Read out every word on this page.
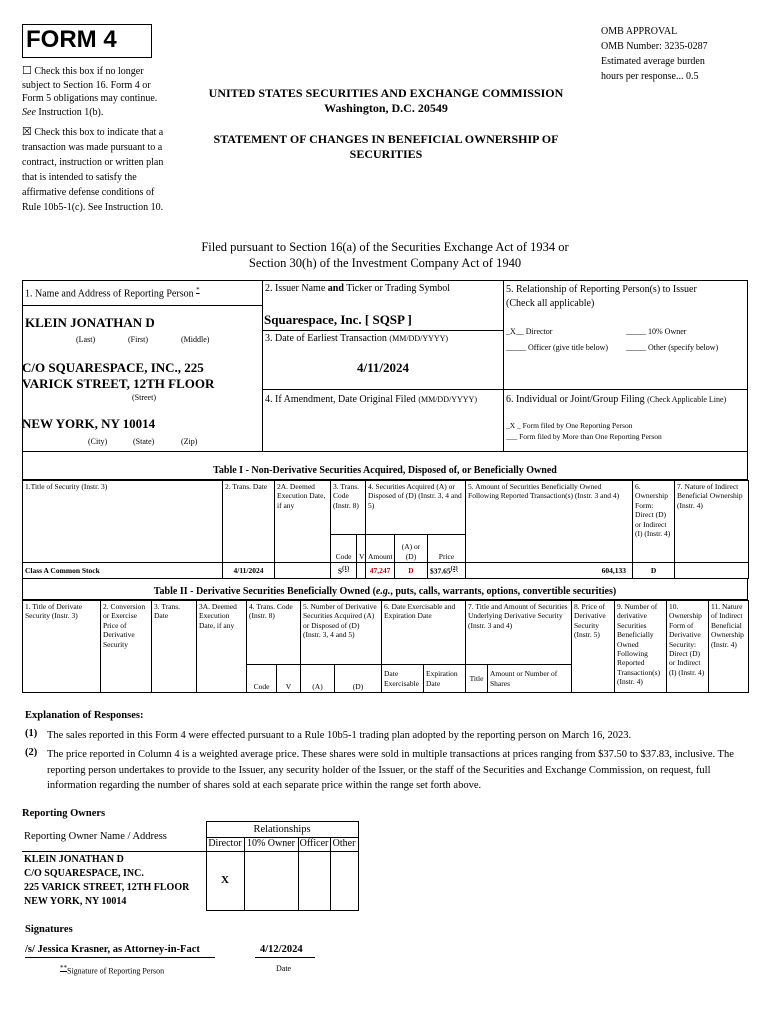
FORM 4	OMB APPROVAL
OMB Number: 3235-0287
Estimated average burden
hours per response... 0.5
☐ Check this box if no longer subject to Section 16. Form 4 or Form 5 obligations may continue. See Instruction 1(b).
☒ Check this box to indicate that a transaction was made pursuant to a contract, instruction or written plan that is intended to satisfy the affirmative defense conditions of Rule 10b5-1(c). See Instruction 10.
UNITED STATES SECURITIES AND EXCHANGE COMMISSION
Washington, D.C. 20549
STATEMENT OF CHANGES IN BENEFICIAL OWNERSHIP OF
SECURITIES
Filed pursuant to Section 16(a) of the Securities Exchange Act of 1934 or
Section 30(h) of the Investment Company Act of 1940
1. Name and Address of Reporting Person *
KLEIN JONATHAN D
(Last)	(First)	(Middle)
C/O SQUARESPACE, INC., 225
VARICK STREET, 12TH FLOOR
(Street)
NEW YORK, NY 10014
(City)	(State)	(Zip)
2. Issuer Name and Ticker or Trading Symbol
Squarespace, Inc. [ SQSP ]
3. Date of Earliest Transaction (MM/DD/YYYY)
4/11/2024
4. If Amendment, Date Original Filed (MM/DD/YYYY)
5. Relationship of Reporting Person(s) to Issuer
(Check all applicable)
_X__ Director	_____ 10% Owner
_____ Officer (give title below) _____ Other (specify below)
6. Individual or Joint/Group Filing (Check Applicable Line)
_X _ Form filed by One Reporting Person
___ Form filed by More than One Reporting Person
Table I - Non-Derivative Securities Acquired, Disposed of, or Beneficially Owned
1.Title of Security (Instr. 3)	2. Trans. Date	2A. Deemed Execution Date, if any	3. Trans. Code (Instr. 8)		4. Securities Acquired (A) or Disposed of (D) (Instr. 3, 4 and 5)			5. Amount of Securities Beneficially Owned Following Reported Transaction(s) (Instr. 3 and 4)	6. Ownership Form: Direct (D) or Indirect (I) (Instr. 4)	7. Nature of Indirect Beneficial Ownership (Instr. 4)
			Code	V	Amount	(A) or (D)	Price			
Class A Common Stock	4/11/2024		$S^{(1)}$		47,247	D	$37.65$^{(2)}$	604,133	D	
Table II - Derivative Securities Beneficially Owned (e.g., puts, calls, warrants, options, convertible securities)
1. Title of Derivate Security (Instr. 3)	2. Conversion or Exercise Price of Derivative Security	3. Trans. Date	3A. Deemed Execution Date, if any	4. Trans. Code (Instr. 8)		5. Number of Derivative Securities Acquired (A) or Disposed of (D) (Instr. 3, 4 and 5)		6. Date Exercisable and Expiration Date		7. Title and Amount of Securities Underlying Derivative Security (Instr. 3 and 4)		8. Price of Derivative Security (Instr. 5)	9. Number of derivative Securities Beneficially Owned Following Reported Transaction(s) (Instr. 4)	10. Ownership Form of Derivative Security: Direct (D) or Indirect (I) (Instr. 4)	11. Nature of Indirect Beneficial Ownership (Instr. 4)
				Code	V	(A)	(D)	Date Exercisable	Expiration Date	Title	Amount or Number of Shares				
Explanation of Responses:
(1) The sales reported in this Form 4 were effected pursuant to a Rule 10b5-1 trading plan adopted by the reporting person on March 16, 2023.
(2) The price reported in Column 4 is a weighted average price. These shares were sold in multiple transactions at prices ranging from $37.50 to $37.83, inclusive. The reporting person undertakes to provide to the Issuer, any security holder of the Issuer, or the staff of the Securities and Exchange Commission, on request, full information regarding the number of shares sold at each separate price within the range set forth above.
Reporting Owners
Reporting Owner Name / Address	Relationships			
	Director	10% Owner	Officer	Other

KLEIN JONATHAN D
C/O SQUARESPACE, INC.
225 VARICK STREET, 12TH FLOOR
NEW YORK, NY 10014	X			
Signatures
/s/ Jessica Krasner, as Attorney-in-Fact	4/12/2024
**Signature of Reporting Person	Date
